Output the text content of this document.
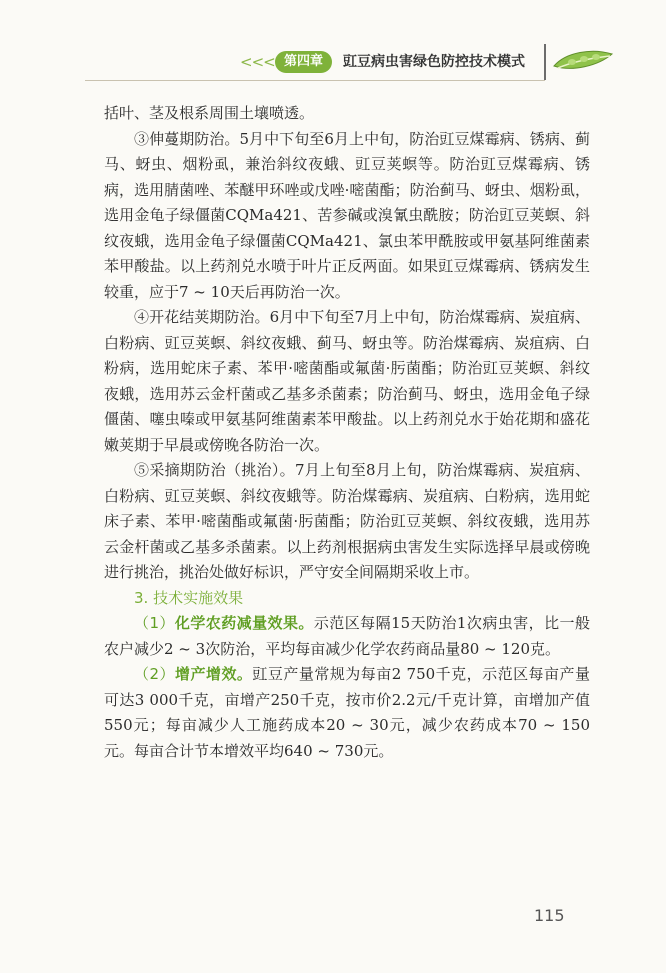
<<< 第四章	豇豆病虫害绿色防控技术模式

括叶、茎及根系周围土壤喷透。

③伸蔓期防治。5月中下旬至6月上中旬，防治豇豆煤霉病、锈病、蓟马、蚜虫、烟粉虱，兼治斜纹夜蛾、豇豆荚螟等。防治豇豆煤霉病、锈病，选用腈菌唑、苯醚甲环唑或戊唑·嘧菌酯；防治蓟马、蚜虫、烟粉虱，选用金龟子绿僵菌CQMa421、苦参碱或溴氰虫酰胺；防治豇豆荚螟、斜纹夜蛾，选用金龟子绿僵菌CQMa421、氯虫苯甲酰胺或甲氨基阿维菌素苯甲酸盐。以上药剂兑水喷于叶片正反两面。如果豇豆煤霉病、锈病发生较重，应于7 ~ 10天后再防治一次。

④开花结荚期防治。6月中下旬至7月上中旬，防治煤霉病、炭疽病、白粉病、豇豆荚螟、斜纹夜蛾、蓟马、蚜虫等。防治煤霉病、炭疽病、白粉病，选用蛇床子素、苯甲·嘧菌酯或氟菌·肟菌酯；防治豇豆荚螟、斜纹夜蛾，选用苏云金杆菌或乙基多杀菌素；防治蓟马、蚜虫，选用金龟子绿僵菌、噻虫嗪或甲氨基阿维菌素苯甲酸盐。以上药剂兑水于始花期和盛花嫩荚期于早晨或傍晚各防治一次。

⑤采摘期防治（挑治）。7月上旬至8月上旬，防治煤霉病、炭疽病、白粉病、豇豆荚螟、斜纹夜蛾等。防治煤霉病、炭疽病、白粉病，选用蛇床子素、苯甲·嘧菌酯或氟菌·肟菌酯；防治豇豆荚螟、斜纹夜蛾，选用苏云金杆菌或乙基多杀菌素。以上药剂根据病虫害发生实际选择早晨或傍晚进行挑治，挑治处做好标识，严守安全间隔期采收上市。

3. 技术实施效果

（1）化学农药减量效果。示范区每隔15天防治1次病虫害，比一般农户减少2 ~ 3次防治，平均每亩减少化学农药商品量80 ~ 120克。

（2）增产增效。豇豆产量常规为每亩2 750千克，示范区每亩产量可达3 000千克，亩增产250千克，按市价2.2元/千克计算，亩增加产值550元；每亩减少人工施药成本20 ~ 30元，减少农药成本70 ~ 150元。每亩合计节本增效平均640 ~ 730元。

115
